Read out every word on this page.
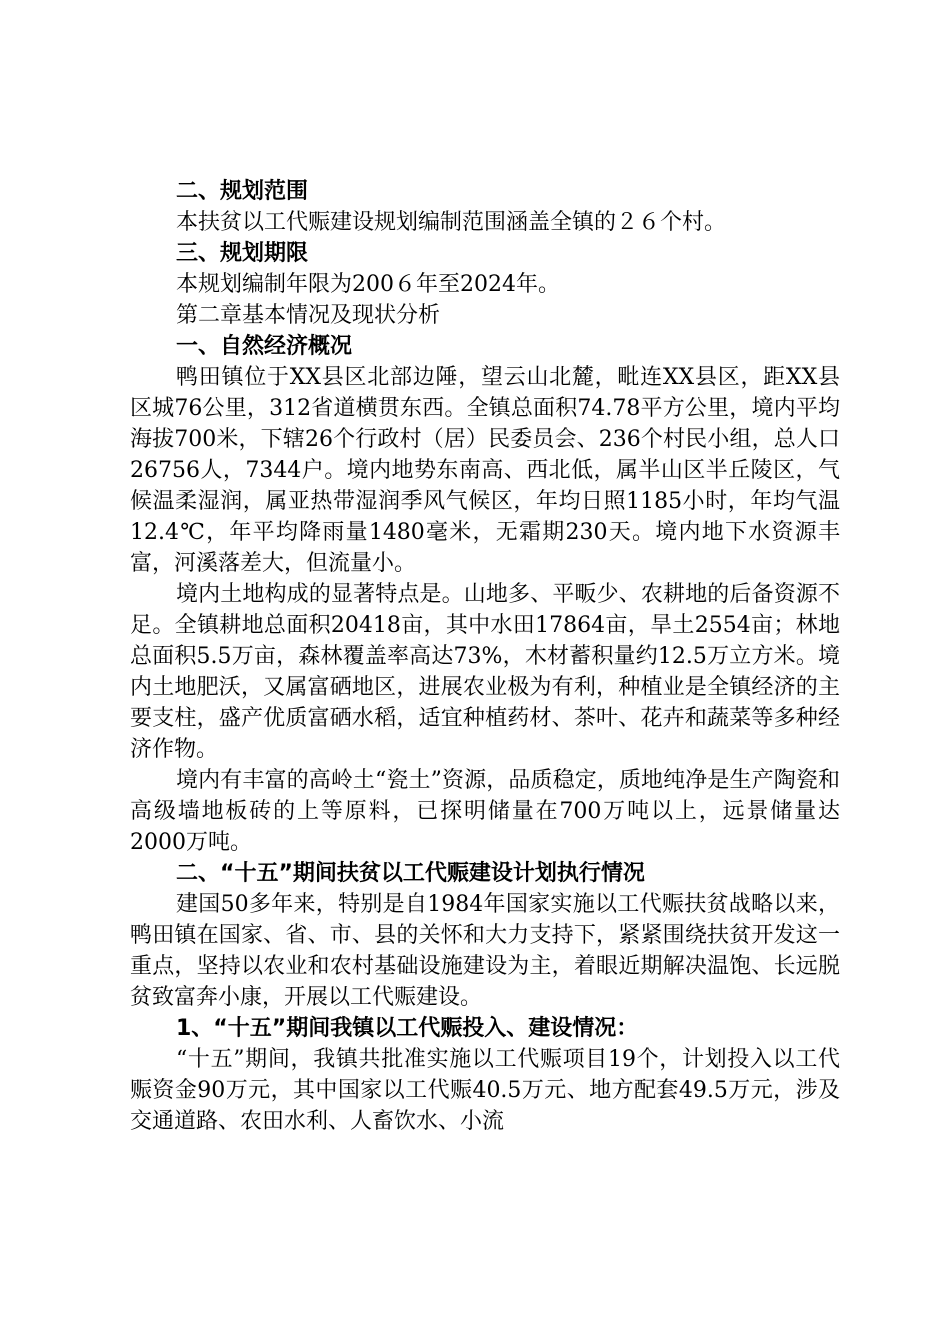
二、规划范围

本扶贫以工代赈建设规划编制范围涵盖全镇的２６个村。

三、规划期限

本规划编制年限为200６年至2024年。

第二章基本情况及现状分析

一、自然经济概况

鸭田镇位于XX县区北部边陲，望云山北麓，毗连XX县区，距XX县区城76公里，312省道横贯东西。全镇总面积74.78平方公里，境内平均海拔700米，下辖26个行政村（居）民委员会、236个村民小组，总人口26756人，7344户。境内地势东南高、西北低，属半山区半丘陵区，气候温柔湿润，属亚热带湿润季风气候区，年均日照1185小时，年均气温12.4℃，年平均降雨量1480毫米，无霜期230天。境内地下水资源丰富，河溪落差大，但流量小。

境内土地构成的显著特点是。山地多、平畈少、农耕地的后备资源不足。全镇耕地总面积20418亩，其中水田17864亩，旱土2554亩；林地总面积5.5万亩，森林覆盖率高达73%，木材蓄积量约12.5万立方米。境内土地肥沃，又属富硒地区，进展农业极为有利，种植业是全镇经济的主要支柱，盛产优质富硒水稻，适宜种植药材、茶叶、花卉和蔬菜等多种经济作物。

境内有丰富的高岭土“瓷土”资源，品质稳定，质地纯净是生产陶瓷和高级墙地板砖的上等原料，已探明储量在700万吨以上，远景储量达2000万吨。

二、“十五”期间扶贫以工代赈建设计划执行情况

建国50多年来，特别是自1984年国家实施以工代赈扶贫战略以来，鸭田镇在国家、省、市、县的关怀和大力支持下，紧紧围绕扶贫开发这一重点，坚持以农业和农村基础设施建设为主，着眼近期解决温饱、长远脱贫致富奔小康，开展以工代赈建设。

1、“十五”期间我镇以工代赈投入、建设情况：

“十五”期间，我镇共批准实施以工代赈项目19个，计划投入以工代赈资金90万元，其中国家以工代赈40.5万元、地方配套49.5万元，涉及交通道路、农田水利、人畜饮水、小流
